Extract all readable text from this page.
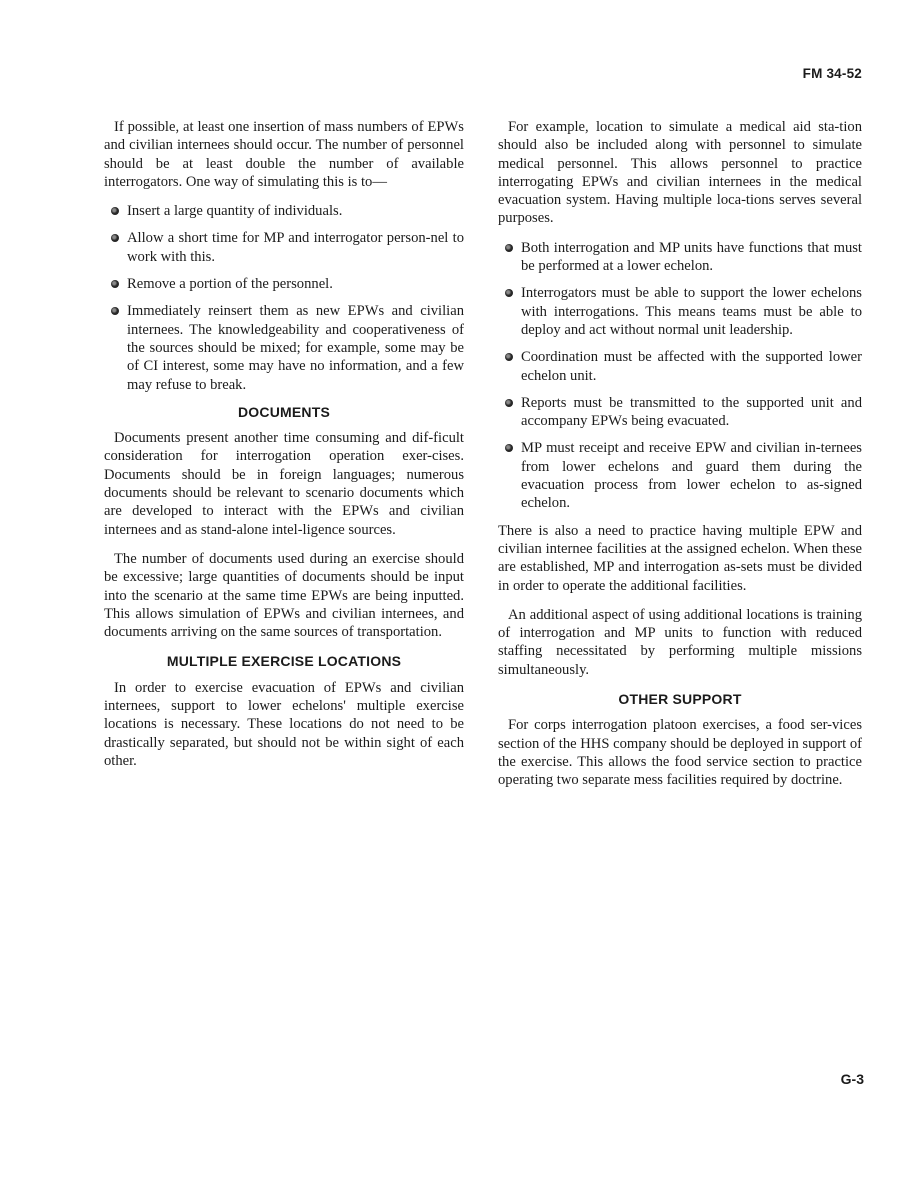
FM 34-52

If possible, at least one insertion of mass numbers of EPWs and civilian internees should occur. The number of personnel should be at least double the number of available interrogators. One way of simulating this is to—

Insert a large quantity of individuals.
Allow a short time for MP and interrogator person-nel to work with this.
Remove a portion of the personnel.
Immediately reinsert them as new EPWs and civilian internees. The knowledgeability and cooperativeness of the sources should be mixed; for example, some may be of CI interest, some may have no information, and a few may refuse to break.
DOCUMENTS

Documents present another time consuming and dif-ficult consideration for interrogation operation exer-cises. Documents should be in foreign languages; numerous documents should be relevant to scenario documents which are developed to interact with the EPWs and civilian internees and as stand-alone intel-ligence sources.

The number of documents used during an exercise should be excessive; large quantities of documents should be input into the scenario at the same time EPWs are being inputted. This allows simulation of EPWs and civilian internees, and documents arriving on the same sources of transportation.

MULTIPLE EXERCISE LOCATIONS

In order to exercise evacuation of EPWs and civilian internees, support to lower echelons' multiple exercise locations is necessary. These locations do not need to be drastically separated, but should not be within sight of each other.

For example, location to simulate a medical aid sta-tion should also be included along with personnel to simulate medical personnel. This allows personnel to practice interrogating EPWs and civilian internees in the medical evacuation system. Having multiple loca-tions serves several purposes.

Both interrogation and MP units have functions that must be performed at a lower echelon.
Interrogators must be able to support the lower echelons with interrogations. This means teams must be able to deploy and act without normal unit leadership.
Coordination must be affected with the supported lower echelon unit.
Reports must be transmitted to the supported unit and accompany EPWs being evacuated.
MP must receipt and receive EPW and civilian in-ternees from lower echelons and guard them during the evacuation process from lower echelon to as-signed echelon.

There is also a need to practice having multiple EPW and civilian internee facilities at the assigned echelon. When these are established, MP and interrogation as-sets must be divided in order to operate the additional facilities.

An additional aspect of using additional locations is training of interrogation and MP units to function with reduced staffing necessitated by performing multiple missions simultaneously.

OTHER SUPPORT

For corps interrogation platoon exercises, a food ser-vices section of the HHS company should be deployed in support of the exercise. This allows the food service section to practice operating two separate mess facilities required by doctrine.

G-3
